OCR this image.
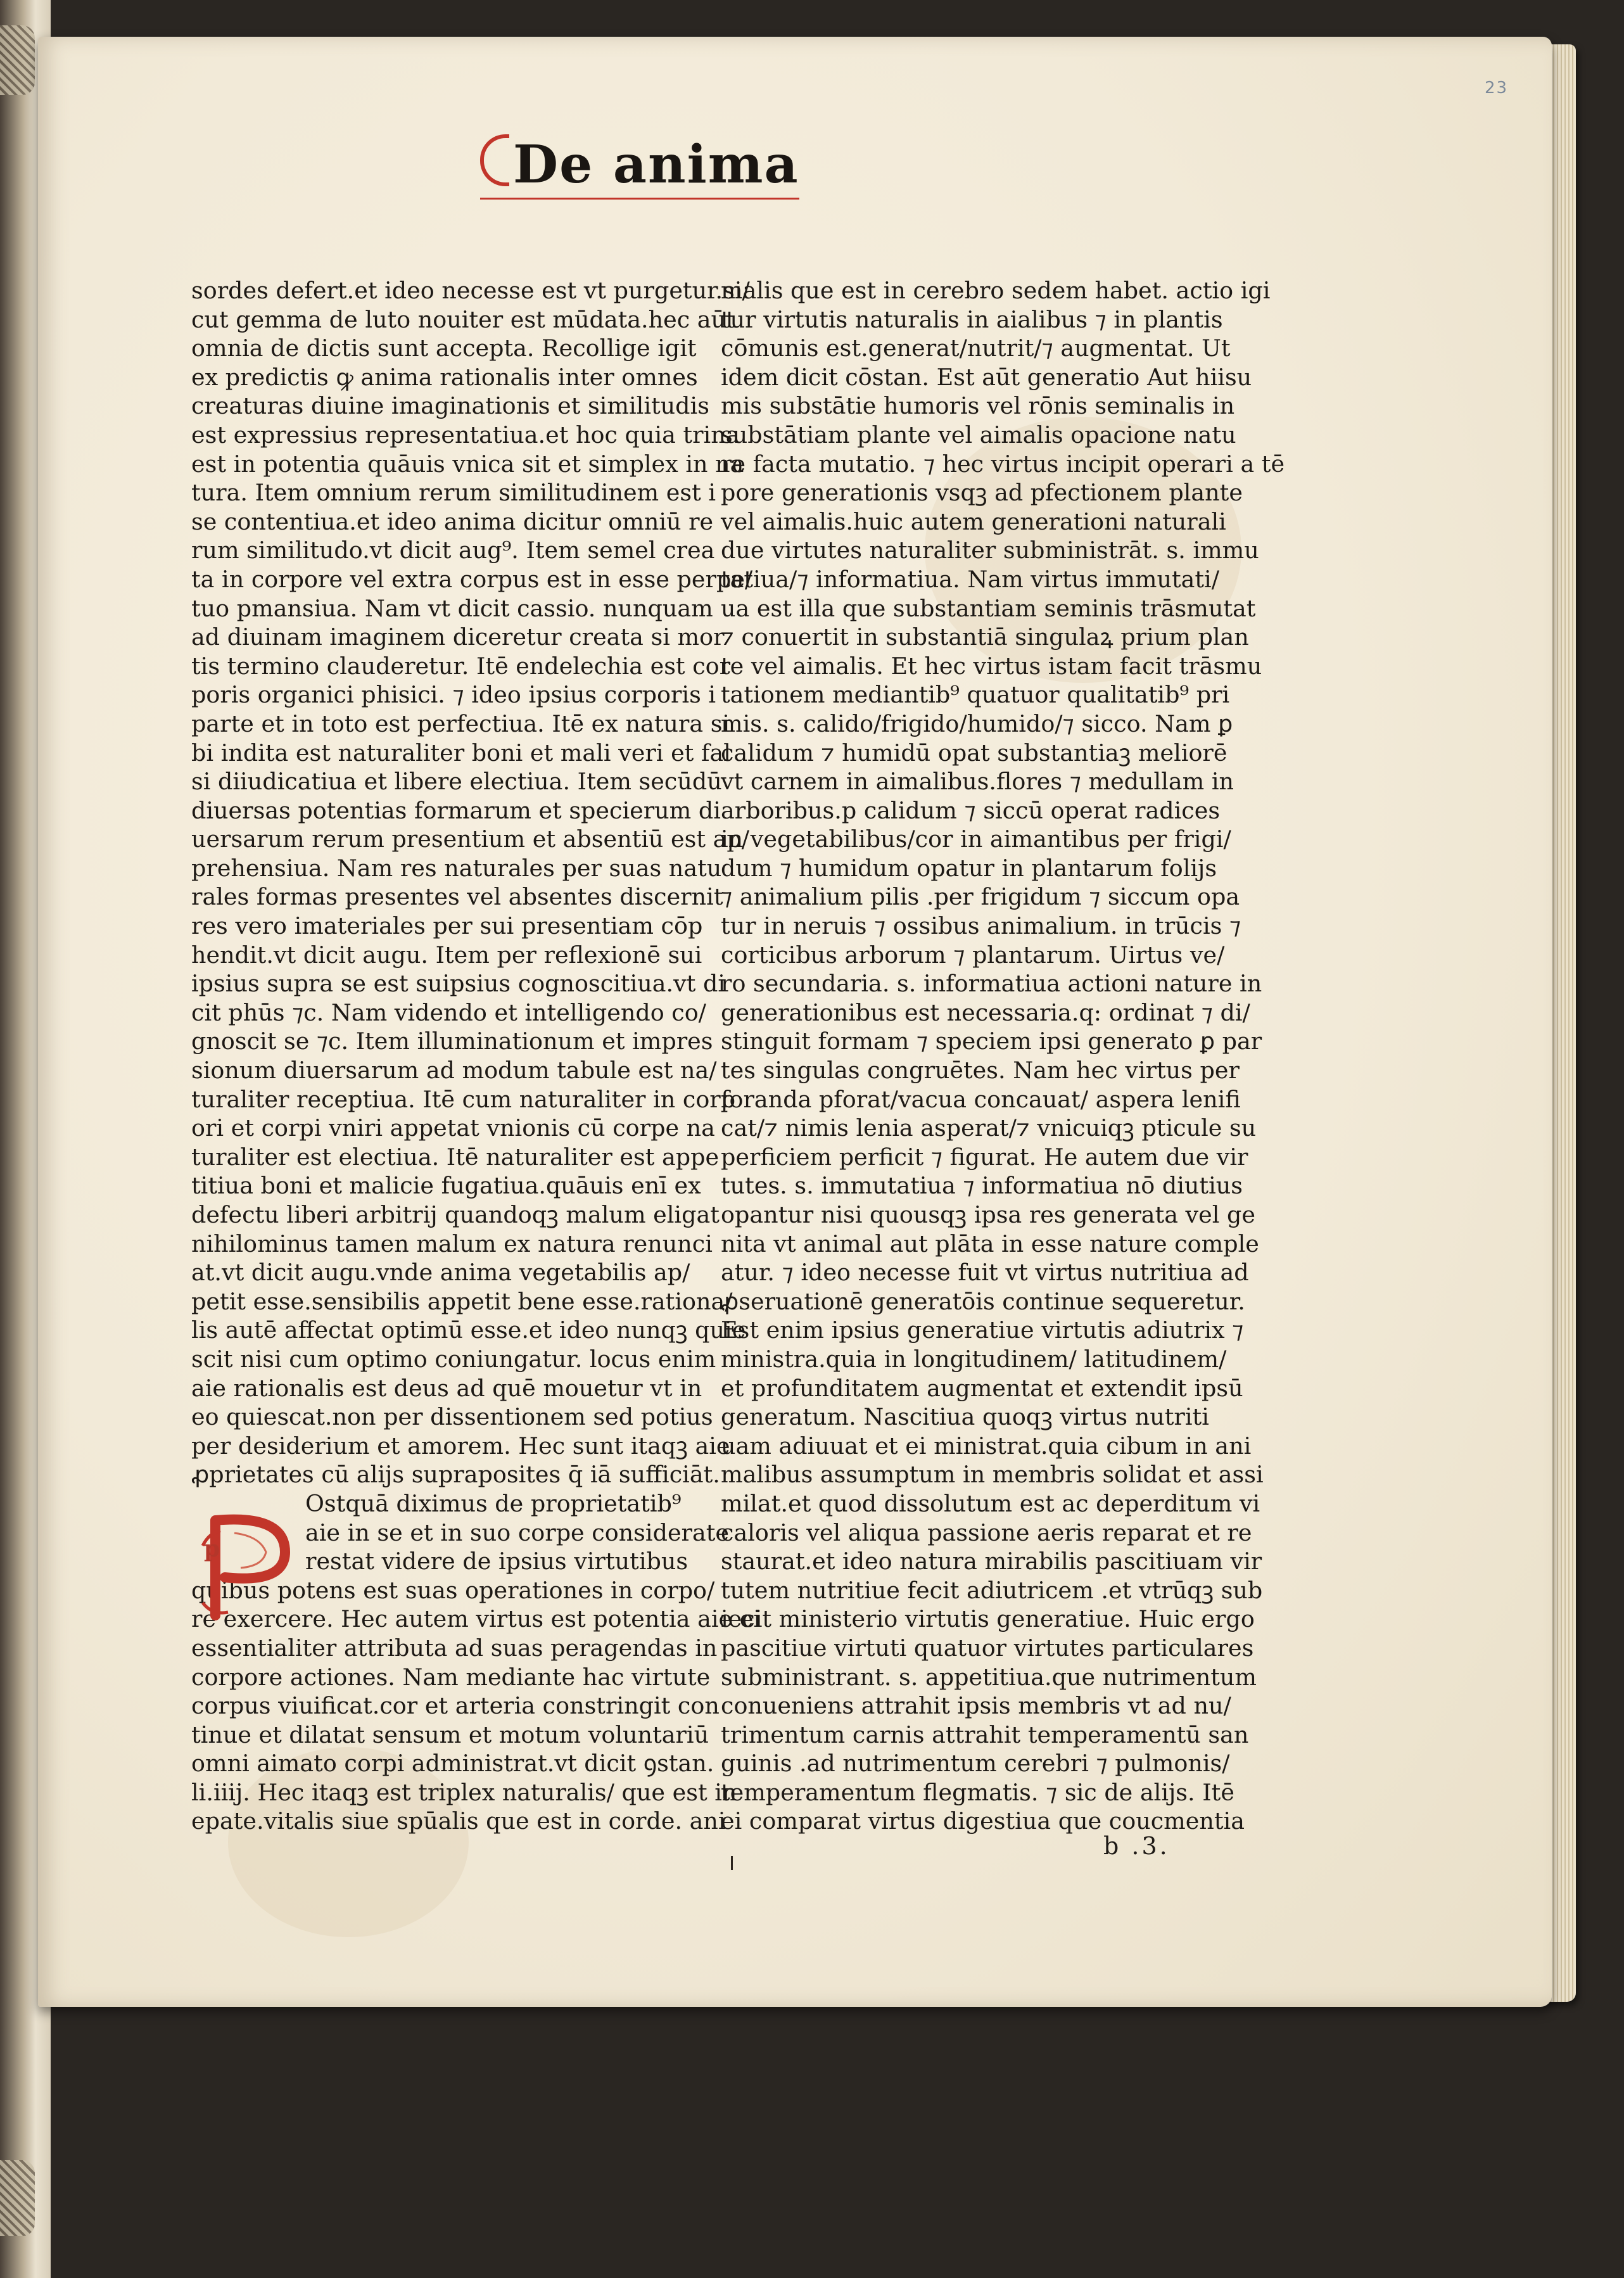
23
De anima
sordes defert.et ideo necesse est vt purgetur.si/
cut gemma de luto nouiter est mūdata.hec aūt
omnia de dictis sunt accepta. Recollige igit
ex predictis ꝙ anima rationalis inter omnes
creaturas diuine imaginationis et similitudis
est expressius representatiua.et hoc quia trina
est in potentia quāuis vnica sit et simplex in na
tura. Item omnium rerum similitudinem est i
se contentiua.et ideo anima dicitur omniū re
rum similitudo.vt dicit aug⁹. Item semel crea
ta in corpore vel extra corpus est in esse perpe/
tuo pmansiua. Nam vt dicit cassio. nunquam
ad diuinam imaginem diceretur creata si mor
tis termino clauderetur. Itē endelechia est cor
poris organici phisici. ⁊ ideo ipsius corporis i
parte et in toto est perfectiua. Itē ex natura si
bi indita est naturaliter boni et mali veri et fal
si diiudicatiua et libere electiua. Item secūdū
diuersas potentias formarum et specierum di
uersarum rerum presentium et absentiū est ap/
prehensiua. Nam res naturales per suas natu
rales formas presentes vel absentes discernit
res vero imateriales per sui presentiam cōp
hendit.vt dicit augu. Item per reflexionē sui
ipsius supra se est suipsius cognoscitiua.vt di
cit phūs ⁊c. Nam videndo et intelligendo co/
gnoscit se ⁊c. Item illuminationum et impres
sionum diuersarum ad modum tabule est na/
turaliter receptiua. Itē cum naturaliter in corp
ori et corpi vniri appetat vnionis cū corpe na
turaliter est electiua. Itē naturaliter est appe
titiua boni et malicie fugatiua.quāuis enī ex
defectu liberi arbitrij quandoqꝫ malum eligat
nihilominus tamen malum ex natura renunci
at.vt dicit augu.vnde anima vegetabilis ap/
petit esse.sensibilis appetit bene esse.rationa/
lis autē affectat optimū esse.et ideo nunqꝫ quie
scit nisi cum optimo coniungatur. locus enim
aie rationalis est deus ad quē mouetur vt in
eo quiescat.non per dissentionem sed potius
per desiderium et amorem. Hec sunt itaqꝫ aie
ꝓprietates cū alijs supraposites q̄ iā sufficiāt.
Ostquā diximus de proprietatib⁹
aie in se et in suo corpe considerate
restat videre de ipsius virtutibus
quibus potens est suas operationes in corpo/
re exercere. Hec autem virtus est potentia aie ei
essentialiter attributa ad suas peragendas in
corpore actiones. Nam mediante hac virtute
corpus viuificat.cor et arteria constringit con
tinue et dilatat sensum et motum voluntariū
omni aimato corpi administrat.vt dicit ꝯstan.
li.iiij. Hec itaqꝫ est triplex naturalis/ que est in
epate.vitalis siue spūalis que est in corde. ani
malis que est in cerebro sedem habet. actio igi
tur virtutis naturalis in aialibus ⁊ in plantis
cōmunis est.generat/nutrit/⁊ augmentat. Ut
idem dicit cōstan. Est aūt generatio Aut hiisu
mis substātie humoris vel rōnis seminalis in
substātiam plante vel aimalis opacione natu
re facta mutatio. ⁊ hec virtus incipit operari a tē
pore generationis vsqꝫ ad pfectionem plante
vel aimalis.huic autem generationi naturali
due virtutes naturaliter subministrāt. s. immu
tatiua/⁊ informatiua. Nam virtus immutati/
ua est illa que substantiam seminis trāsmutat
⁊ conuertit in substantiā singulaꝝ prium plan
te vel aimalis. Et hec virtus istam facit trāsmu
tationem mediantib⁹ quatuor qualitatib⁹ pri
mis. s. calido/frigido/humido/⁊ sicco. Nam ꝑ
calidum ⁊ humidū opat substantiaꝫ meliorē
vt carnem in aimalibus.flores ⁊ medullam in
arboribus.p calidum ⁊ siccū operat radices
in vegetabilibus/cor in aimantibus per frigi/
dum ⁊ humidum opatur in plantarum folijs
⁊ animalium pilis .per frigidum ⁊ siccum opa
tur in neruis ⁊ ossibus animalium. in trūcis ⁊
corticibus arborum ⁊ plantarum. Uirtus ve/
ro secundaria. s. informatiua actioni nature in
generationibus est necessaria.q: ordinat ⁊ di/
stinguit formam ⁊ speciem ipsi generato ꝑ par
tes singulas congruētes. Nam hec virtus per
foranda pforat/vacua concauat/ aspera lenifi
cat/⁊ nimis lenia asperat/⁊ vnicuiqꝫ pticule su
perficiem perficit ⁊ figurat. He autem due vir
tutes. s. immutatiua ⁊ informatiua nō diutius
opantur nisi quousqꝫ ipsa res generata vel ge
nita vt animal aut plāta in esse nature comple
atur. ⁊ ideo necesse fuit vt virtus nutritiua ad
ꝓseruationē generatōis continue sequeretur.
Est enim ipsius generatiue virtutis adiutrix ⁊
ministra.quia in longitudinem/ latitudinem/
et profunditatem augmentat et extendit ipsū
generatum. Nascitiua quoqꝫ virtus nutriti
uam adiuuat et ei ministrat.quia cibum in ani
malibus assumptum in membris solidat et assi
milat.et quod dissolutum est ac deperditum vi
caloris vel aliqua passione aeris reparat et re
staurat.et ideo natura mirabilis pascitiuam vir
tutem nutritiue fecit adiutricem .et vtrūqꝫ sub
iecit ministerio virtutis generatiue. Huic ergo
pascitiue virtuti quatuor virtutes particulares
subministrant. s. appetitiua.que nutrimentum
conueniens attrahit ipsis membris vt ad nu/
trimentum carnis attrahit temperamentū san
guinis .ad nutrimentum cerebri ⁊ pulmonis/
temperamentum flegmatis. ⁊ sic de alijs. Itē
ei comparat virtus digestiua que coucmentia
p
b .3.
